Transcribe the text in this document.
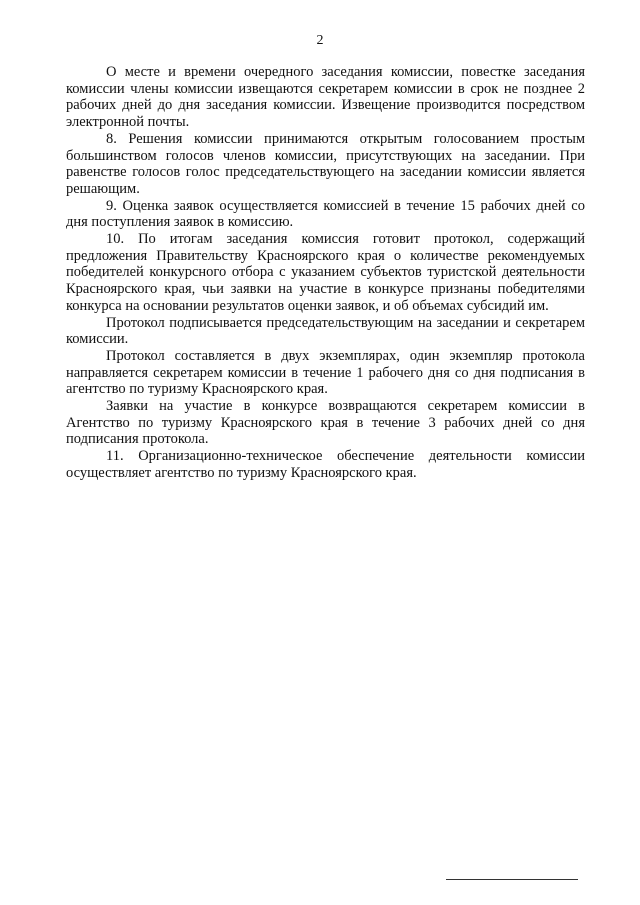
2

О месте и времени очередного заседания комиссии, повестке заседания комиссии члены комиссии извещаются секретарем комиссии в срок не позднее 2 рабочих дней до дня заседания комиссии. Извещение производится посредством электронной почты.

8. Решения комиссии принимаются открытым голосованием простым большинством голосов членов комиссии, присутствующих на заседании. При равенстве голосов голос председательствующего на заседании комиссии является решающим.

9. Оценка заявок осуществляется комиссией в течение 15 рабочих дней со дня поступления заявок в комиссию.

10. По итогам заседания комиссия готовит протокол, содержащий предложения Правительству Красноярского края о количестве рекомендуемых победителей конкурсного отбора с указанием субъектов туристской деятельности Красноярского края, чьи заявки на участие в конкурсе признаны победителями конкурса на основании результатов оценки заявок, и об объемах субсидий им.

Протокол подписывается председательствующим на заседании и секретарем комиссии.

Протокол составляется в двух экземплярах, один экземпляр протокола направляется секретарем комиссии в течение 1 рабочего дня со дня подписания в агентство по туризму Красноярского края.

Заявки на участие в конкурсе возвращаются секретарем комиссии в Агентство по туризму Красноярского края в течение 3 рабочих дней со дня подписания протокола.

11. Организационно-техническое обеспечение деятельности комиссии осуществляет агентство по туризму Красноярского края.
